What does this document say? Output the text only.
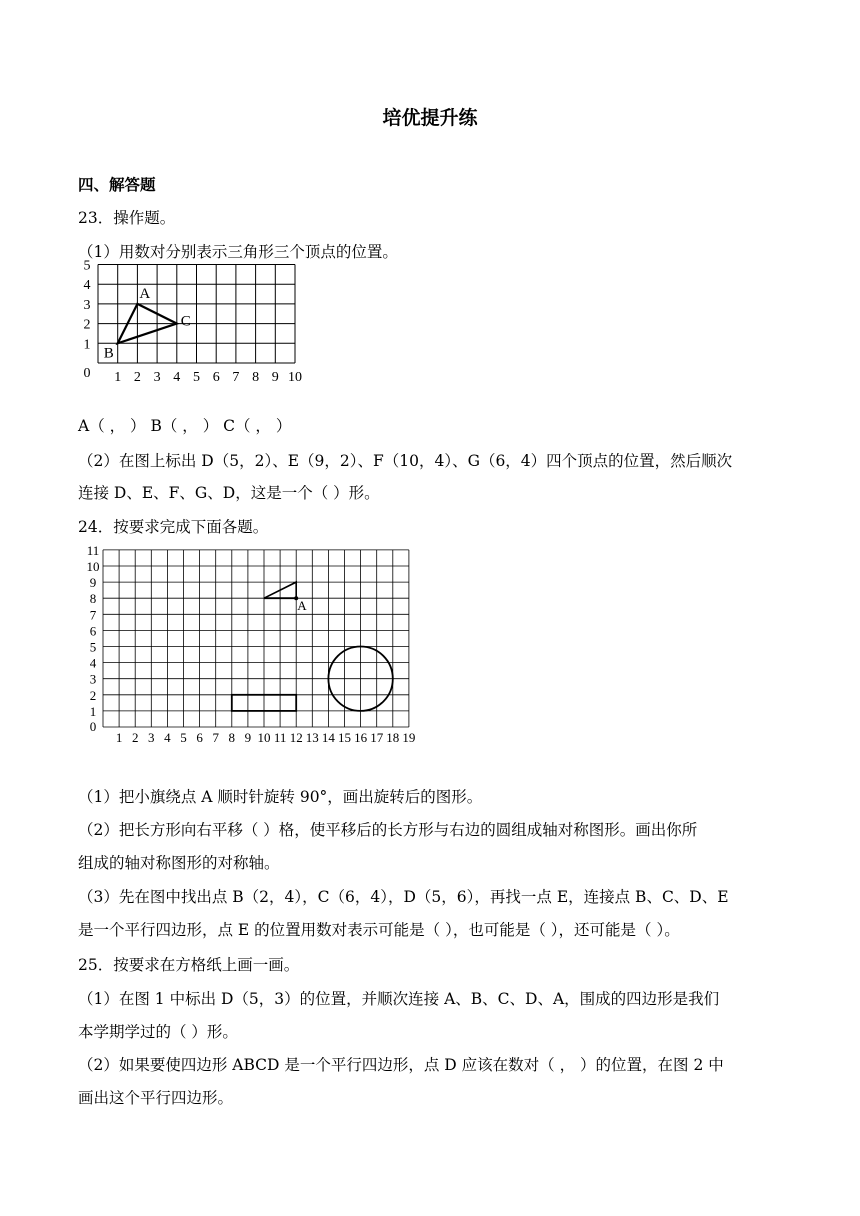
培优提升练
四、解答题
23．操作题。
（1）用数对分别表示三角形三个顶点的位置。
1 2 3 4 5 6 7 8 9 10
0
1
2
3
4
5
A
B
C
A（ ， ） B（ ， ） C（ ， ）
（2）在图上标出 D（5，2）、E（9，2）、F（10，4）、G（6，4）四个顶点的位置，然后顺次
连接 D、E、F、G、D，这是一个（ ）形。
24．按要求完成下面各题。
1 2 3 4 5 6 7 8 9 10 11 12 13 14 15 16 17 18 19
0
1
2
3
4
5
6
7
8
9
10
11
A
（1）把小旗绕点 A 顺时针旋转 90°，画出旋转后的图形。
（2）把长方形向右平移（ ）格，使平移后的长方形与右边的圆组成轴对称图形。画出你所
组成的轴对称图形的对称轴。
（3）先在图中找出点 B（2，4），C（6，4），D（5，6），再找一点 E，连接点 B、C、D、E
是一个平行四边形，点 E 的位置用数对表示可能是（ ），也可能是（ ），还可能是（ ）。
25．按要求在方格纸上画一画。
（1）在图 1 中标出 D（5，3）的位置，并顺次连接 A、B、C、D、A，围成的四边形是我们
本学期学过的（ ）形。
（2）如果要使四边形 ABCD 是一个平行四边形，点 D 应该在数对（ ， ）的位置，在图 2 中
画出这个平行四边形。
